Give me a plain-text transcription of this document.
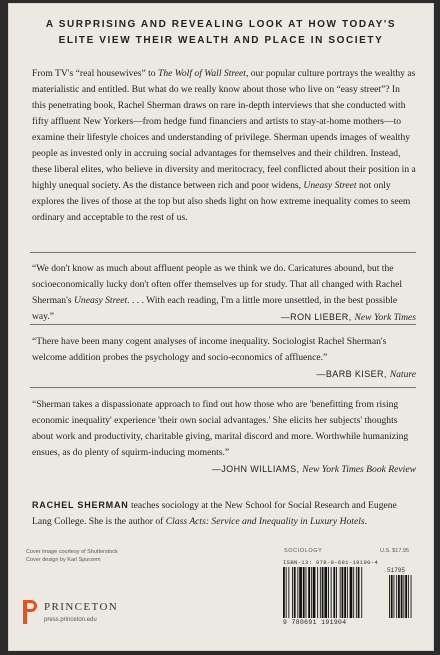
A SURPRISING AND REVEALING LOOK AT HOW TODAY'S
ELITE VIEW THEIR WEALTH AND PLACE IN SOCIETY

From TV's “real housewives” to The Wolf of Wall Street, our popular culture portrays the wealthy as materialistic and entitled. But what do we really know about those who live on “easy street”? In this penetrating book, Rachel Sherman draws on rare in-depth interviews that she conducted with fifty affluent New Yorkers—from hedge fund financiers and artists to stay-at-home mothers—to examine their lifestyle choices and understanding of privilege. Sherman upends images of wealthy people as invested only in accruing social advantages for themselves and their children. Instead, these liberal elites, who believe in diversity and meritocracy, feel conflicted about their position in a highly unequal society. As the distance between rich and poor widens, Uneasy Street not only explores the lives of those at the top but also sheds light on how extreme inequality comes to seem ordinary and acceptable to the rest of us.

“We don't know as much about affluent people as we think we do. Caricatures abound, but the socioeconomically lucky don't often offer themselves up for study. That all changed with Rachel Sherman's Uneasy Street. . . . With each reading, I'm a little more unsettled, in the best possible way.”	—RON LIEBER, New York Times

“There have been many cogent analyses of income inequality. Sociologist Rachel Sherman's welcome addition probes the psychology and socio-economics of affluence.”

—BARB KISER, Nature

“Sherman takes a dispassionate approach to find out how those who are 'benefitting from rising economic inequality' experience 'their own social advantages.' She elicits her subjects' thoughts about work and productivity, charitable giving, marital discord and more. Worthwhile humanizing ensues, as do plenty of squirm-inducing moments.”

—JOHN WILLIAMS, New York Times Book Review

RACHEL SHERMAN teaches sociology at the New School for Social Research and Eugene Lang College. She is the author of Class Acts: Service and Inequality in Luxury Hotels.

Cover image courtesy of Shutterstock
Cover design by Karl Spurzem
SOCIOLOGY	U.S. $17.95
PRINCETON
press.princeton.edu
ISBN-13: 978-0-691-19190-4
51795
9 780691 191904
